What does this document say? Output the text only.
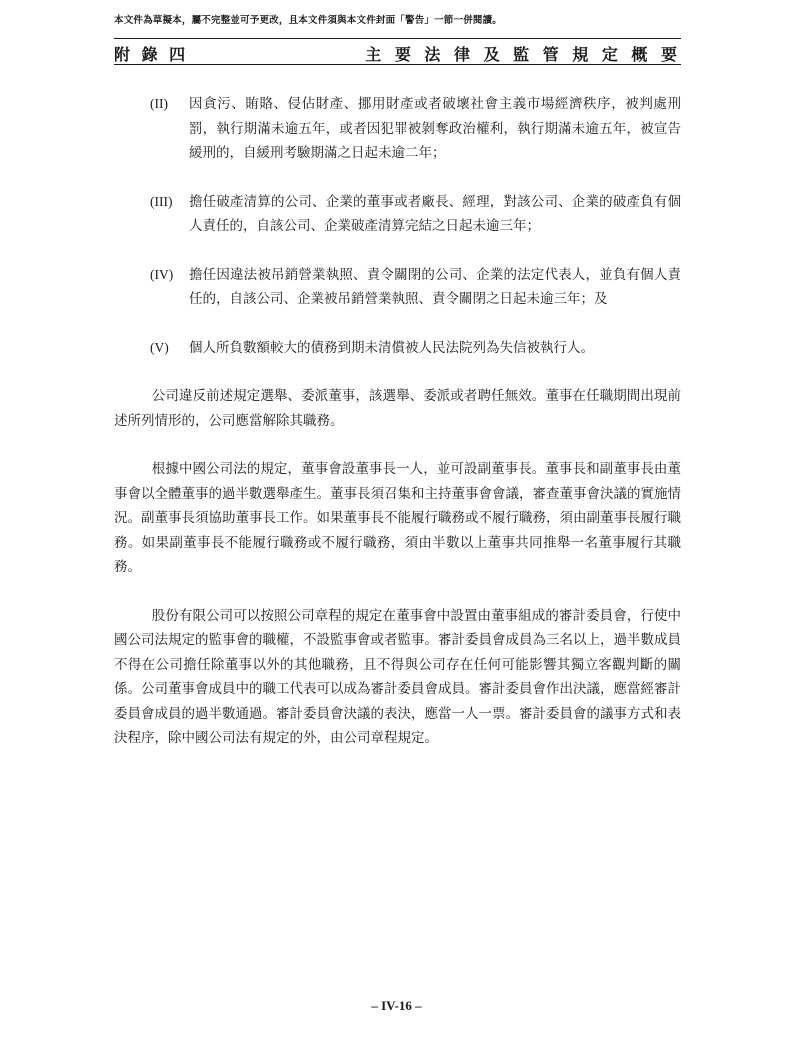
本文件為草擬本，屬不完整並可予更改，且本文件須與本文件封面「警告」一節一併閱讀。
附 錄 四	主 要 法 律 及 監 管 規 定 概 要
(II)	因貪污、賄賂、侵佔財產、挪用財產或者破壞社會主義市場經濟秩序，被判處刑罰，執行期滿未逾五年，或者因犯罪被剝奪政治權利，執行期滿未逾五年，被宣告緩刑的，自緩刑考驗期滿之日起未逾二年；
(III)	擔任破產清算的公司、企業的董事或者廠長、經理，對該公司、企業的破產負有個人責任的，自該公司、企業破產清算完結之日起未逾三年；
(IV)	擔任因違法被吊銷營業執照、責令關閉的公司、企業的法定代表人，並負有個人責任的，自該公司、企業被吊銷營業執照、責令關閉之日起未逾三年；及
(V)	個人所負數額較大的債務到期未清償被人民法院列為失信被執行人。

公司違反前述規定選舉、委派董事，該選舉、委派或者聘任無效。董事在任職期間出現前述所列情形的，公司應當解除其職務。

根據中國公司法的規定，董事會設董事長一人，並可設副董事長。董事長和副董事長由董事會以全體董事的過半數選舉產生。董事長須召集和主持董事會會議，審查董事會決議的實施情況。副董事長須協助董事長工作。如果董事長不能履行職務或不履行職務，須由副董事長履行職務。如果副董事長不能履行職務或不履行職務，須由半數以上董事共同推舉一名董事履行其職務。

股份有限公司可以按照公司章程的規定在董事會中設置由董事組成的審計委員會，行使中國公司法規定的監事會的職權，不設監事會或者監事。審計委員會成員為三名以上，過半數成員不得在公司擔任除董事以外的其他職務，且不得與公司存在任何可能影響其獨立客觀判斷的關係。公司董事會成員中的職工代表可以成為審計委員會成員。審計委員會作出決議，應當經審計委員會成員的過半數通過。審計委員會決議的表決，應當一人一票。審計委員會的議事方式和表決程序，除中國公司法有規定的外，由公司章程規定。

– IV-16 –
